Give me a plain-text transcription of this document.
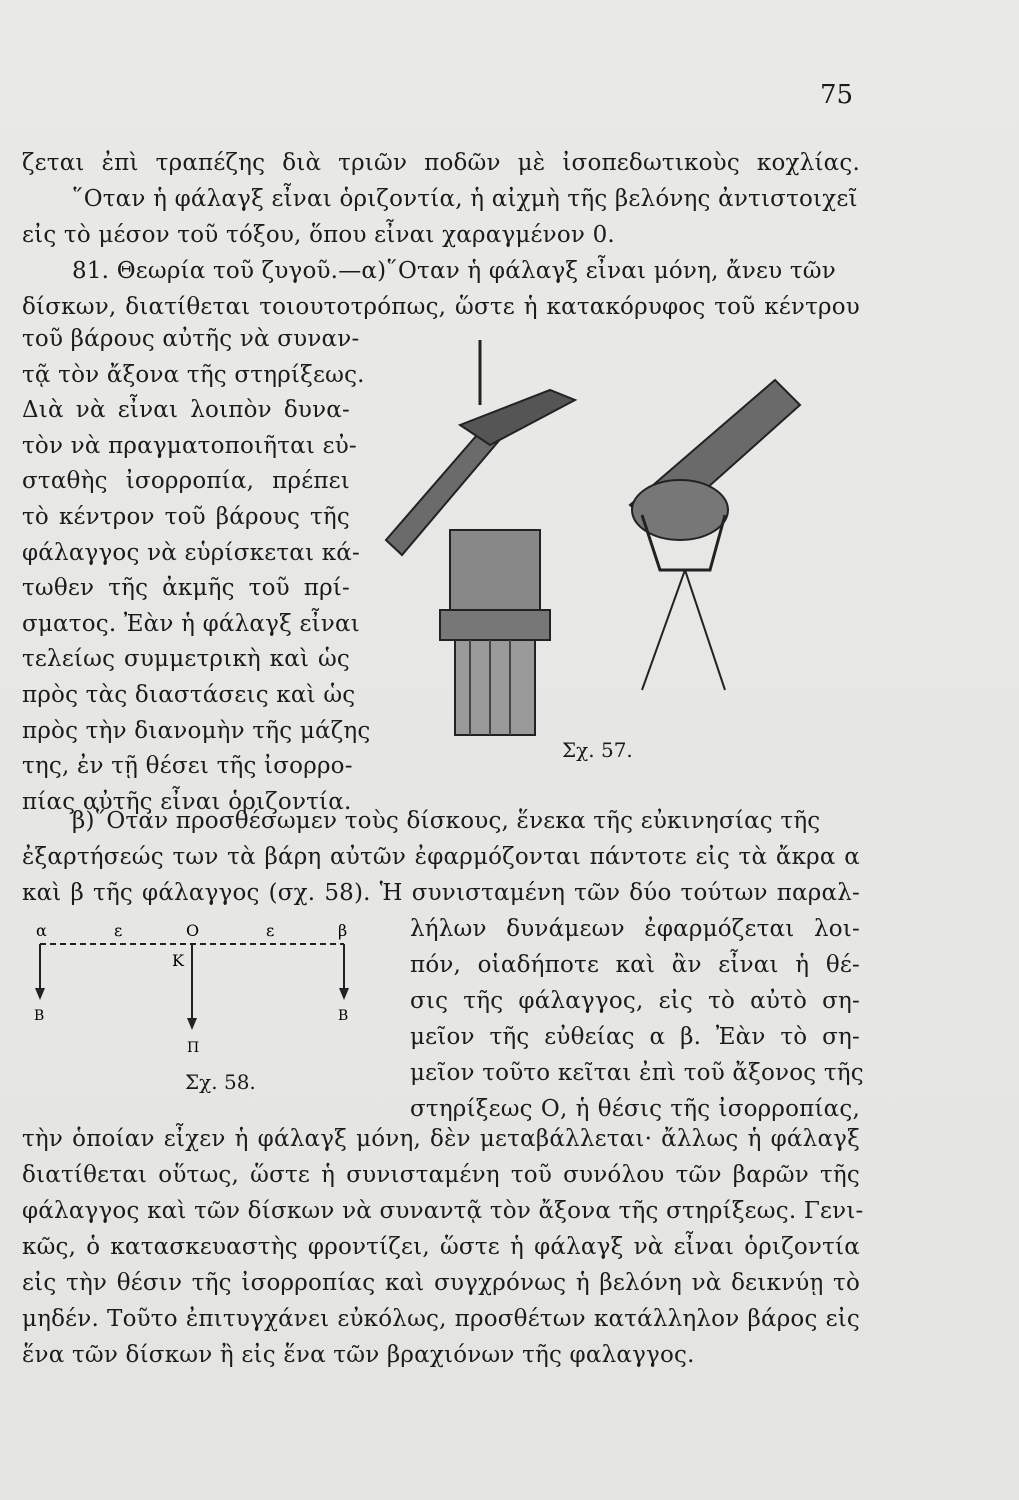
75
ζεται ἐπὶ τραπέζης διὰ τριῶν ποδῶν μὲ ἰσοπεδωτικοὺς κοχλίας.
῞Οταν ἡ φάλαγξ εἶναι ὁριζοντία, ἡ αἰχμὴ τῆς βελόνης ἀντιστοιχεῖ
εἰς τὸ μέσον τοῦ τόξου, ὅπου εἶναι χαραγμένον 0.
81. Θεωρία τοῦ ζυγοῦ.—α)῞Οταν ἡ φάλαγξ εἶναι μόνη, ἄνευ τῶν
δίσκων, διατίθεται τοιουτοτρόπως, ὥστε ἡ κατακόρυφος τοῦ κέντρου
τοῦ βάρους αὐτῆς νὰ συναν-
τᾷ τὸν ἄξονα τῆς στηρίξεως.
Διὰ νὰ εἶναι λοιπὸν δυνα-
τὸν νὰ πραγματοποιῆται εὐ-
σταθὴς ἰσορροπία, πρέπει
τὸ κέντρον τοῦ βάρους τῆς
φάλαγγος νὰ εὑρίσκεται κά-
τωθεν τῆς ἀκμῆς τοῦ πρί-
σματος. Ἐὰν ἡ φάλαγξ εἶναι
τελείως συμμετρικὴ καὶ ὡς
πρὸς τὰς διαστάσεις καὶ ὡς
πρὸς τὴν διανομὴν τῆς μάζης
της, ἐν τῇ θέσει τῆς ἰσορρο-
πίας αὐτῆς εἶναι ὁριζοντία.
β)῞Οταν προσθέσωμεν τοὺς δίσκους, ἕνεκα τῆς εὐκινησίας τῆς
ἐξαρτήσεώς των τὰ βάρη αὐτῶν ἐφαρμόζονται πάντοτε εἰς τὰ ἄκρα α
καὶ β τῆς φάλαγγος (σχ. 58). Ἡ συνισταμένη τῶν δύο τούτων παραλ-
λήλων δυνάμεων ἐφαρμόζεται λοι-
πόν, οἱαδήποτε καὶ ἂν εἶναι ἡ θέ-
σις τῆς φάλαγγος, εἰς τὸ αὐτὸ ση-
μεῖον τῆς εὐθείας α β. Ἐὰν τὸ ση-
μεῖον τοῦτο κεῖται ἐπὶ τοῦ ἄξονος τῆς
στηρίξεως Ο, ἡ θέσις τῆς ἰσορροπίας,
τὴν ὁποίαν εἶχεν ἡ φάλαγξ μόνη, δὲν μεταβάλλεται· ἄλλως ἡ φάλαγξ
διατίθεται οὕτως, ὥστε ἡ συνισταμένη τοῦ συνόλου τῶν βαρῶν τῆς
φάλαγγος καὶ τῶν δίσκων νὰ συναντᾷ τὸν ἄξονα τῆς στηρίξεως. Γενι-
κῶς, ὁ κατασκευαστὴς φροντίζει, ὥστε ἡ φάλαγξ νὰ εἶναι ὁριζοντία
εἰς τὴν θέσιν τῆς ἰσορροπίας καὶ συγχρόνως ἡ βελόνη νὰ δεικνύῃ τὸ
μηδέν. Τοῦτο ἐπιτυγχάνει εὐκόλως, προσθέτων κατάλληλον βάρος εἰς
ἕνα τῶν δίσκων ἢ εἰς ἕνα τῶν βραχιόνων τῆς φαλαγγος.
Σχ. 57.
α	ε	Ο	ε	β
Κ
Β	Β
Π
Σχ. 58.
